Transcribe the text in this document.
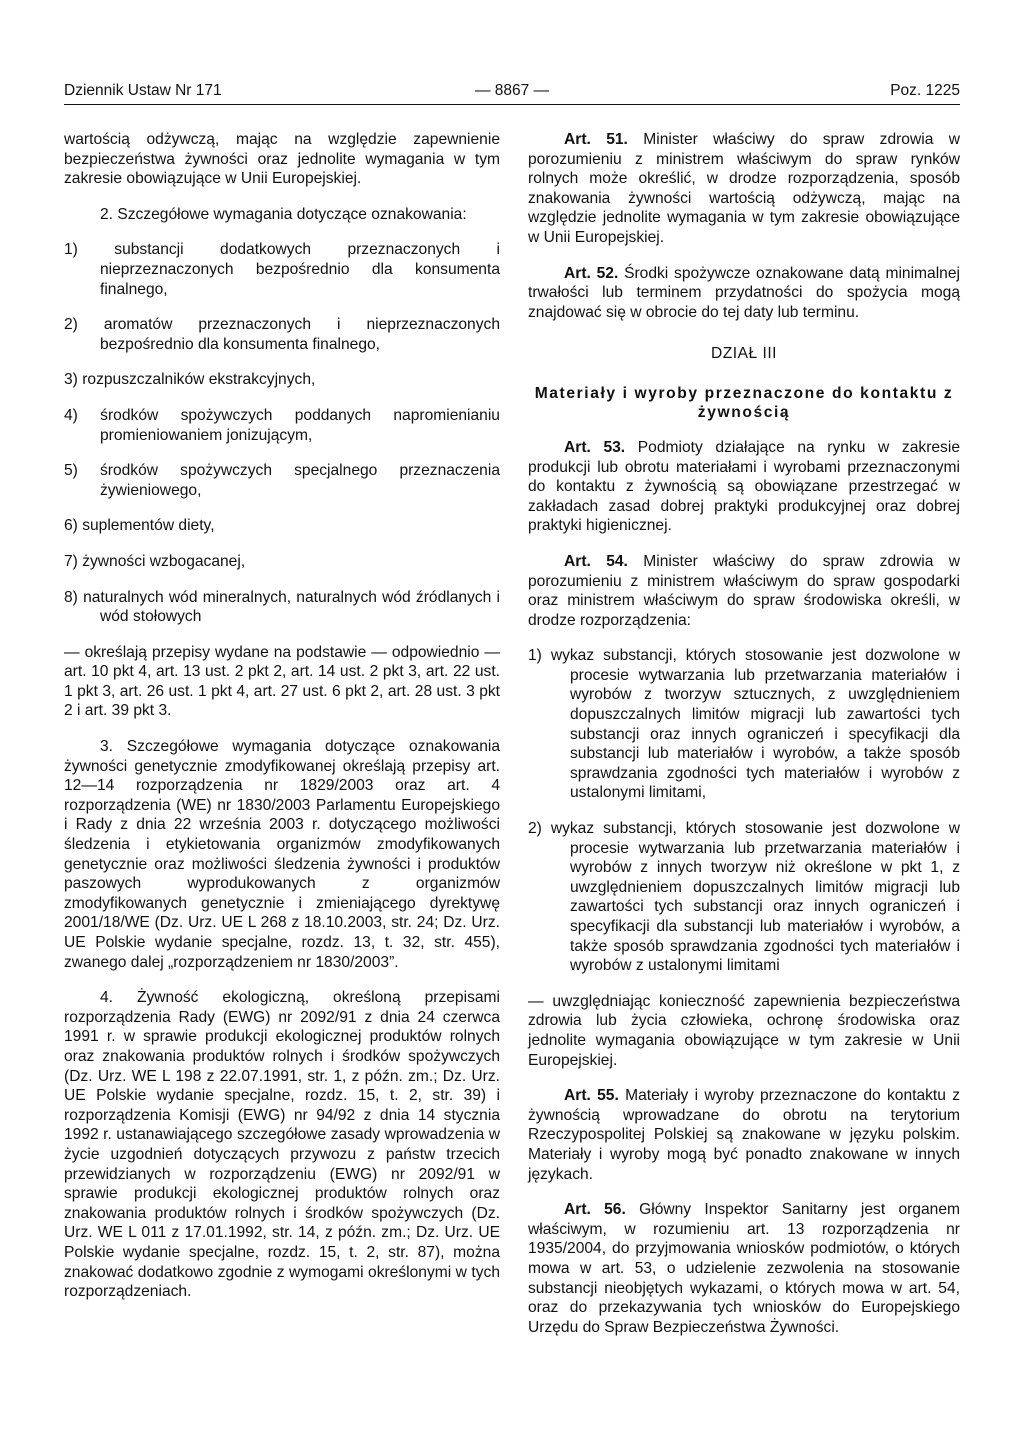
Dziennik Ustaw Nr 171	— 8867 —	Poz. 1225

wartością odżywczą, mając na względzie zapewnienie bezpieczeństwa żywności oraz jednolite wymagania w tym zakresie obowiązujące w Unii Europejskiej.

2. Szczegółowe wymagania dotyczące oznakowania:

1) substancji dodatkowych przeznaczonych i nieprzeznaczonych bezpośrednio dla konsumenta finalnego,

2) aromatów przeznaczonych i nieprzeznaczonych bezpośrednio dla konsumenta finalnego,

3) rozpuszczalników ekstrakcyjnych,

4) środków spożywczych poddanych napromienianiu promieniowaniem jonizującym,

5) środków spożywczych specjalnego przeznaczenia żywieniowego,

6) suplementów diety,

7) żywności wzbogacanej,

8) naturalnych wód mineralnych, naturalnych wód źródlanych i wód stołowych

— określają przepisy wydane na podstawie — odpowiednio — art. 10 pkt 4, art. 13 ust. 2 pkt 2, art. 14 ust. 2 pkt 3, art. 22 ust. 1 pkt 3, art. 26 ust. 1 pkt 4, art. 27 ust. 6 pkt 2, art. 28 ust. 3 pkt 2 i art. 39 pkt 3.

3. Szczegółowe wymagania dotyczące oznakowania żywności genetycznie zmodyfikowanej określają przepisy art. 12—14 rozporządzenia nr 1829/2003 oraz art. 4 rozporządzenia (WE) nr 1830/2003 Parlamentu Europejskiego i Rady z dnia 22 września 2003 r. dotyczącego możliwości śledzenia i etykietowania organizmów zmodyfikowanych genetycznie oraz możliwości śledzenia żywności i produktów paszowych wyprodukowanych z organizmów zmodyfikowanych genetycznie i zmieniającego dyrektywę 2001/18/WE (Dz. Urz. UE L 268 z 18.10.2003, str. 24; Dz. Urz. UE Polskie wydanie specjalne, rozdz. 13, t. 32, str. 455), zwanego dalej „rozporządzeniem nr 1830/2003”.

4. Żywność ekologiczną, określoną przepisami rozporządzenia Rady (EWG) nr 2092/91 z dnia 24 czerwca 1991 r. w sprawie produkcji ekologicznej produktów rolnych oraz znakowania produktów rolnych i środków spożywczych (Dz. Urz. WE L 198 z 22.07.1991, str. 1, z późn. zm.; Dz. Urz. UE Polskie wydanie specjalne, rozdz. 15, t. 2, str. 39) i rozporządzenia Komisji (EWG) nr 94/92 z dnia 14 stycznia 1992 r. ustanawiającego szczegółowe zasady wprowadzenia w życie uzgodnień dotyczących przywozu z państw trzecich przewidzianych w rozporządzeniu (EWG) nr 2092/91 w sprawie produkcji ekologicznej produktów rolnych oraz znakowania produktów rolnych i środków spożywczych (Dz. Urz. WE L 011 z 17.01.1992, str. 14, z późn. zm.; Dz. Urz. UE Polskie wydanie specjalne, rozdz. 15, t. 2, str. 87), można znakować dodatkowo zgodnie z wymogami określonymi w tych rozporządzeniach.

Art. 51. Minister właściwy do spraw zdrowia w porozumieniu z ministrem właściwym do spraw rynków rolnych może określić, w drodze rozporządzenia, sposób znakowania żywności wartością odżywczą, mając na względzie jednolite wymagania w tym zakresie obowiązujące w Unii Europejskiej.

Art. 52. Środki spożywcze oznakowane datą minimalnej trwałości lub terminem przydatności do spożycia mogą znajdować się w obrocie do tej daty lub terminu.

DZIAŁ III
Materiały i wyroby przeznaczone do kontaktu z żywnością

Art. 53. Podmioty działające na rynku w zakresie produkcji lub obrotu materiałami i wyrobami przeznaczonymi do kontaktu z żywnością są obowiązane przestrzegać w zakładach zasad dobrej praktyki produkcyjnej oraz dobrej praktyki higienicznej.

Art. 54. Minister właściwy do spraw zdrowia w porozumieniu z ministrem właściwym do spraw gospodarki oraz ministrem właściwym do spraw środowiska określi, w drodze rozporządzenia:

1) wykaz substancji, których stosowanie jest dozwolone w procesie wytwarzania lub przetwarzania materiałów i wyrobów z tworzyw sztucznych, z uwzględnieniem dopuszczalnych limitów migracji lub zawartości tych substancji oraz innych ograniczeń i specyfikacji dla substancji lub materiałów i wyrobów, a także sposób sprawdzania zgodności tych materiałów i wyrobów z ustalonymi limitami,

2) wykaz substancji, których stosowanie jest dozwolone w procesie wytwarzania lub przetwarzania materiałów i wyrobów z innych tworzyw niż określone w pkt 1, z uwzględnieniem dopuszczalnych limitów migracji lub zawartości tych substancji oraz innych ograniczeń i specyfikacji dla substancji lub materiałów i wyrobów, a także sposób sprawdzania zgodności tych materiałów i wyrobów z ustalonymi limitami

— uwzględniając konieczność zapewnienia bezpieczeństwa zdrowia lub życia człowieka, ochronę środowiska oraz jednolite wymagania obowiązujące w tym zakresie w Unii Europejskiej.

Art. 55. Materiały i wyroby przeznaczone do kontaktu z żywnością wprowadzane do obrotu na terytorium Rzeczypospolitej Polskiej są znakowane w języku polskim. Materiały i wyroby mogą być ponadto znakowane w innych językach.

Art. 56. Główny Inspektor Sanitarny jest organem właściwym, w rozumieniu art. 13 rozporządzenia nr 1935/2004, do przyjmowania wniosków podmiotów, o których mowa w art. 53, o udzielenie zezwolenia na stosowanie substancji nieobjętych wykazami, o których mowa w art. 54, oraz do przekazywania tych wniosków do Europejskiego Urzędu do Spraw Bezpieczeństwa Żywności.
